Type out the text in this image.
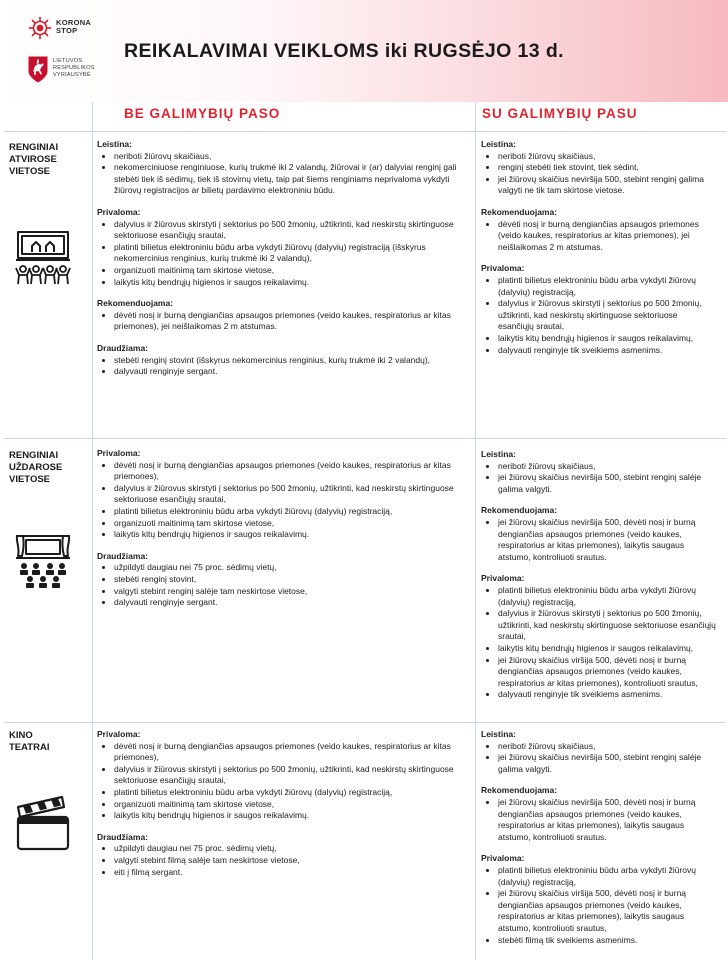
KORONA
STOP
LIETUVOS
RESPUBLIKOS
VYRIAUSYBĖ
REIKALAVIMAI VEIKLOMS iki RUGSĖJO 13 d.
BE GALIMYBIŲ PASO	SU GALIMYBIŲ PASU
RENGINIAI
ATVIROSE
VIETOSE
RENGINIAI
UŽDAROSE
VIETOSE
KINO
TEATRAI
Leistina:
• neriboti žiūrovų skaičiaus,
• nekomerciniuose renginiuose, kurių trukmė iki 2 valandų, žiūrovai ir (ar) dalyviai renginį gali stebėti tiek iš sėdimų, tiek iš stovimų vietų, taip pat šiems renginiams neprivaloma vykdyti žiūrovų registracijos ar bilietų pardavimo elektroniniu būdu.
Privaloma:
• dalyvius ir žiūrovus skirstyti į sektorius po 500 žmonių, užtikrinti, kad neskirstų skirtinguose sektoriuose esančiųjų srautai,
• platinti bilietus elektroniniu būdu arba vykdyti žiūrovų (dalyvių) registraciją (išskyrus nekomercinius renginius, kurių trukmė iki 2 valandų),
• organizuoti maitinimą tam skirtose vietose,
• laikytis kitų bendrųjų higienos ir saugos reikalavimų.
Rekomenduojama:
• dėvėti nosį ir burną dengiančias apsaugos priemones (veido kaukes, respiratorius ar kitas priemones), jei neišlaikomas 2 m atstumas.
Draudžiama:
• stebėti renginį stovint (išskyrus nekomercinius renginius, kurių trukmė iki 2 valandų),
• dalyvauti renginyje sergant.
Leistina:
• neriboti žiūrovų skaičiaus,
• renginį stebėti tiek stovint, tiek sėdint,
• jei žiūrovų skaičius neviršija 500, stebint renginį galima valgyti ne tik tam skirtose vietose.
Rekomenduojama:
• dėvėti nosį ir burną dengiančias apsaugos priemones (veido kaukes, respiratorius ar kitas priemones), jei neišlaikomas 2 m atstumas.
Privaloma:
• platinti bilietus elektroniniu būdu arba vykdyti žiūrovų (dalyvių) registraciją,
• dalyvius ir žiūrovus skirstyti į sektorius po 500 žmonių, užtikrinti, kad neskirstų skirtinguose sektoriuose esančiųjų srautai,
• laikytis kitų bendrųjų higienos ir saugos reikalavimų,
• dalyvauti renginyje tik sveikiems asmenims.
Privaloma:
• dėvėti nosį ir burną dengiančias apsaugos priemones (veido kaukes, respiratorius ar kitas priemones),
• dalyvius ir žiūrovus skirstyti į sektorius po 500 žmonių, užtikrinti, kad neskirstų skirtinguose sektoriuose esančiųjų srautai,
• platinti bilietus elektroniniu būdu arba vykdyti žiūrovų (dalyvių) registraciją,
• organizuoti maitinimą tam skirtose vietose,
• laikytis kitų bendrųjų higienos ir saugos reikalavimų.
Draudžiama:
• užpildyti daugiau nei 75 proc. sėdimų vietų,
• stebėti renginį stovint,
• valgyti stebint renginį salėje tam neskirtose vietose,
• dalyvauti renginyje sergant.
Leistina:
• neriboti žiūrovų skaičiaus,
• jei žiūrovų skaičius neviršija 500, stebint renginį salėje galima valgyti.
Rekomenduojama:
• jei žiūrovų skaičius neviršija 500, dėvėti nosį ir burną dengiančias apsaugos priemones (veido kaukes, respiratorius ar kitas priemones), laikytis saugaus atstumo, kontroliuoti srautus.
Privaloma:
• platinti bilietus elektroniniu būdu arba vykdyti žiūrovų (dalyvių) registraciją,
• dalyvius ir žiūrovus skirstyti į sektorius po 500 žmonių, užtikrinti, kad neskirstų skirtinguose sektoriuose esančiųjų srautai,
• laikytis kitų bendrųjų higienos ir saugos reikalavimų,
• jei žiūrovų skaičius viršija 500, dėvėti nosį ir burną dengiančias apsaugos priemones (veido kaukes, respiratorius ar kitas priemones), kontroliuoti srautus,
• dalyvauti renginyje tik sveikiems asmenims.
Privaloma:
• dėvėti nosį ir burną dengiančias apsaugos priemones (veido kaukes, respiratorius ar kitas priemones),
• dalyvius ir žiūrovus skirstyti į sektorius po 500 žmonių, užtikrinti, kad neskirstų skirtinguose sektoriuose esančiųjų srautai,
• platinti bilietus elektroniniu būdu arba vykdyti žiūrovų (dalyvių) registraciją,
• organizuoti maitinimą tam skirtose vietose,
• laikytis kitų bendrųjų higienos ir saugos reikalavimų.
Draudžiama:
• užpildyti daugiau nei 75 proc. sėdimų vietų,
• valgyti stebint filmą salėje tam neskirtose vietose,
• eiti į filmą sergant.
Leistina:
• neriboti žiūrovų skaičiaus,
• jei žiūrovų skaičius neviršija 500, stebint renginį salėje galima valgyti.
Rekomenduojama:
• jei žiūrovų skaičius neviršija 500, dėvėti nosį ir burną dengiančias apsaugos priemones (veido kaukes, respiratorius ar kitas priemones), laikytis saugaus atstumo, kontroliuoti srautus.
Privaloma:
• platinti bilietus elektroniniu būdu arba vykdyti žiūrovų (dalyvių) registraciją,
• jei žiūrovų skaičius viršija 500, dėvėti nosį ir burną dengiančias apsaugos priemones (veido kaukes, respiratorius ar kitas priemones), laikytis saugaus atstumo, kontroliuoti srautus,
• stebėti filmą tik sveikiems asmenims.
